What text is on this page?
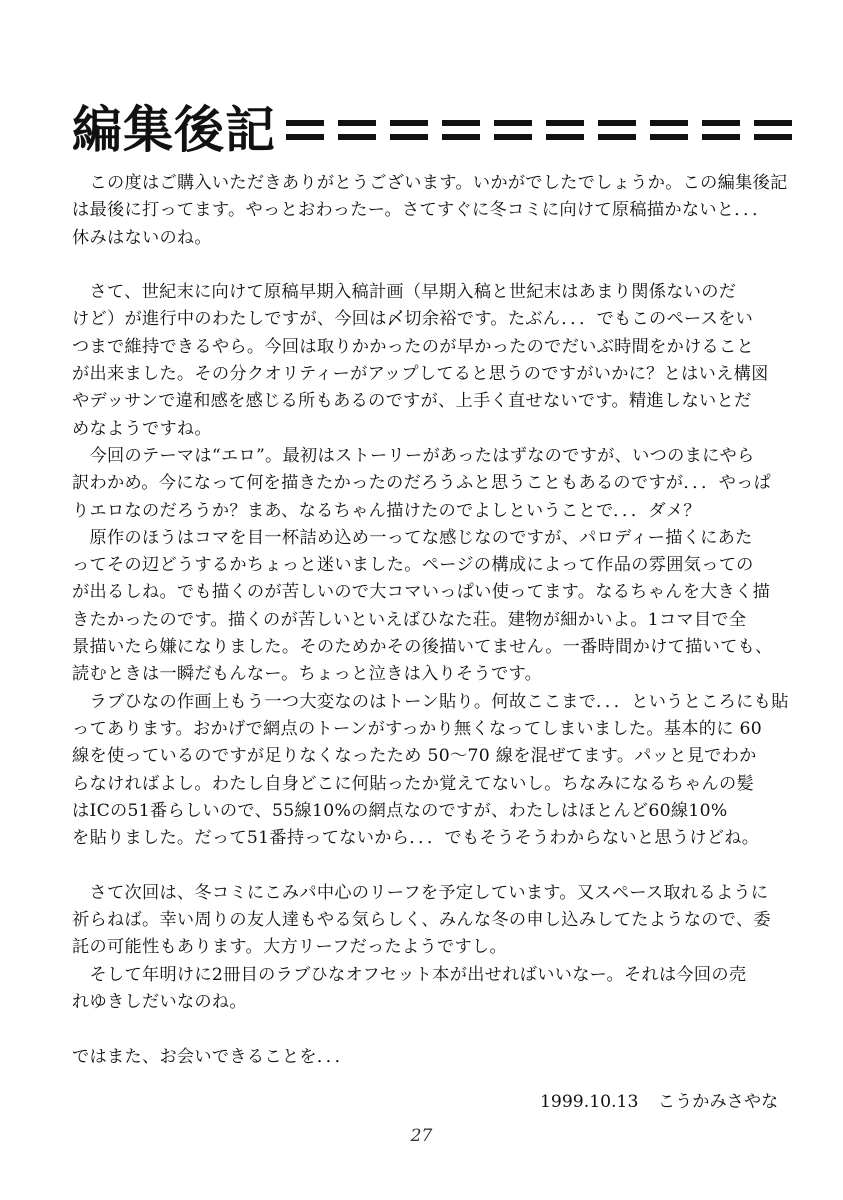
編集後記

　この度はご購入いただきありがとうございます。いかがでしたでしょうか。この編集後記

は最後に打ってます。やっとおわったー。さてすぐに冬コミに向けて原稿描かないと．．．

休みはないのね。

　さて、世紀末に向けて原稿早期入稿計画（早期入稿と世紀末はあまり関係ないのだ

けど）が進行中のわたしですが、今回は〆切余裕です。たぶん．．．でもこのペースをい

つまで維持できるやら。今回は取りかかったのが早かったのでだいぶ時間をかけること

が出来ました。その分クオリティーがアップしてると思うのですがいかに？とはいえ構図

やデッサンで違和感を感じる所もあるのですが、上手く直せないです。精進しないとだ

めなようですね。

　今回のテーマは“エロ”。最初はストーリーがあったはずなのですが、いつのまにやら

訳わかめ。今になって何を描きたかったのだろうふと思うこともあるのですが．．．やっぱ

りエロなのだろうか？まあ、なるちゃん描けたのでよしということで．．．ダメ？

　原作のほうはコマを目一杯詰め込め一ってな感じなのですが、パロディー描くにあた

ってその辺どうするかちょっと迷いました。ページの構成によって作品の雰囲気っての

が出るしね。でも描くのが苦しいので大コマいっぱい使ってます。なるちゃんを大きく描

きたかったのです。描くのが苦しいといえばひなた荘。建物が細かいよ。1コマ目で全

景描いたら嫌になりました。そのためかその後描いてません。一番時間かけて描いても、

読むときは一瞬だもんなー。ちょっと泣きは入りそうです。

　ラブひなの作画上もう一つ大変なのはトーン貼り。何故ここまで．．．というところにも貼

ってあります。おかげで網点のトーンがすっかり無くなってしまいました。基本的に 60

線を使っているのですが足りなくなったため 50〜70 線を混ぜてます。パッと見でわか

らなければよし。わたし自身どこに何貼ったか覚えてないし。ちなみになるちゃんの髪

はICの51番らしいので、55線10%の網点なのですが、わたしはほとんど60線10%

を貼りました。だって51番持ってないから．．．でもそうそうわからないと思うけどね。

　さて次回は、冬コミにこみパ中心のリーフを予定しています。又スペース取れるように

祈らねば。幸い周りの友人達もやる気らしく、みんな冬の申し込みしてたようなので、委

託の可能性もあります。大方リーフだったようですし。

　そして年明けに2冊目のラブひなオフセット本が出せればいいなー。それは今回の売

れゆきしだいなのね。

ではまた、お会いできることを．．．

1999.10.13 こうかみさやな
27
